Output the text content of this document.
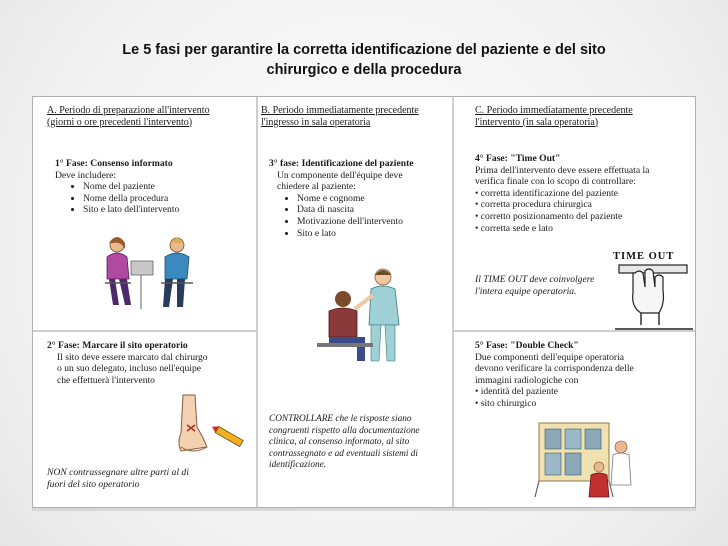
Le 5 fasi per garantire la corretta identificazione del paziente e del sito
chirurgico e della procedura
A. Periodo di preparazione all'intervento
(giorni o ore precedenti l'intervento)
1° Fase: Consenso informato
Deve includere:
• Nome del paziente
• Nome della procedura
• Sito e lato dell'intervento
2° Fase: Marcare il sito operatorio
Il sito deve essere marcato dal chirurgo
o un suo delegato, incluso nell'equipe
che effettuerà l'intervento
NON contrassegnare altre parti al di
fuori del sito operatorio
B. Periodo immediatamente precedente
l'ingresso in sala operatoria
3° fase: Identificazione del paziente
Un componente dell'équipe deve
chiedere al paziente:
• Nome e cognome
• Data di nascita
• Motivazione dell'intervento
• Sito e lato
CONTROLLARE che le risposte siano
congruenti rispetto alla documentazione
clinica, al consenso informato, al sito
contrassegnato e ad eventuali sistemi di
identificazione.
C. Periodo immediatamente precedente
l'intervento (in sala operatoria)
4° Fase: "Time Out"
Prima dell'intervento deve essere effettuata la
verifica finale con lo scopo di controllare:
• corretta identificazione del paziente
• corretta procedura chirurgica
• corretto posizionamento del paziente
• corretta sede e lato
TIME OUT
Il TIME OUT deve coinvolgere
l'intera equipe operatoria.
5° Fase: "Double Check"
Due componenti dell'equipe operatoria
devono verificare la corrispondenza delle
immagini radiologiche con
• identità del paziente
• sito chirurgico
